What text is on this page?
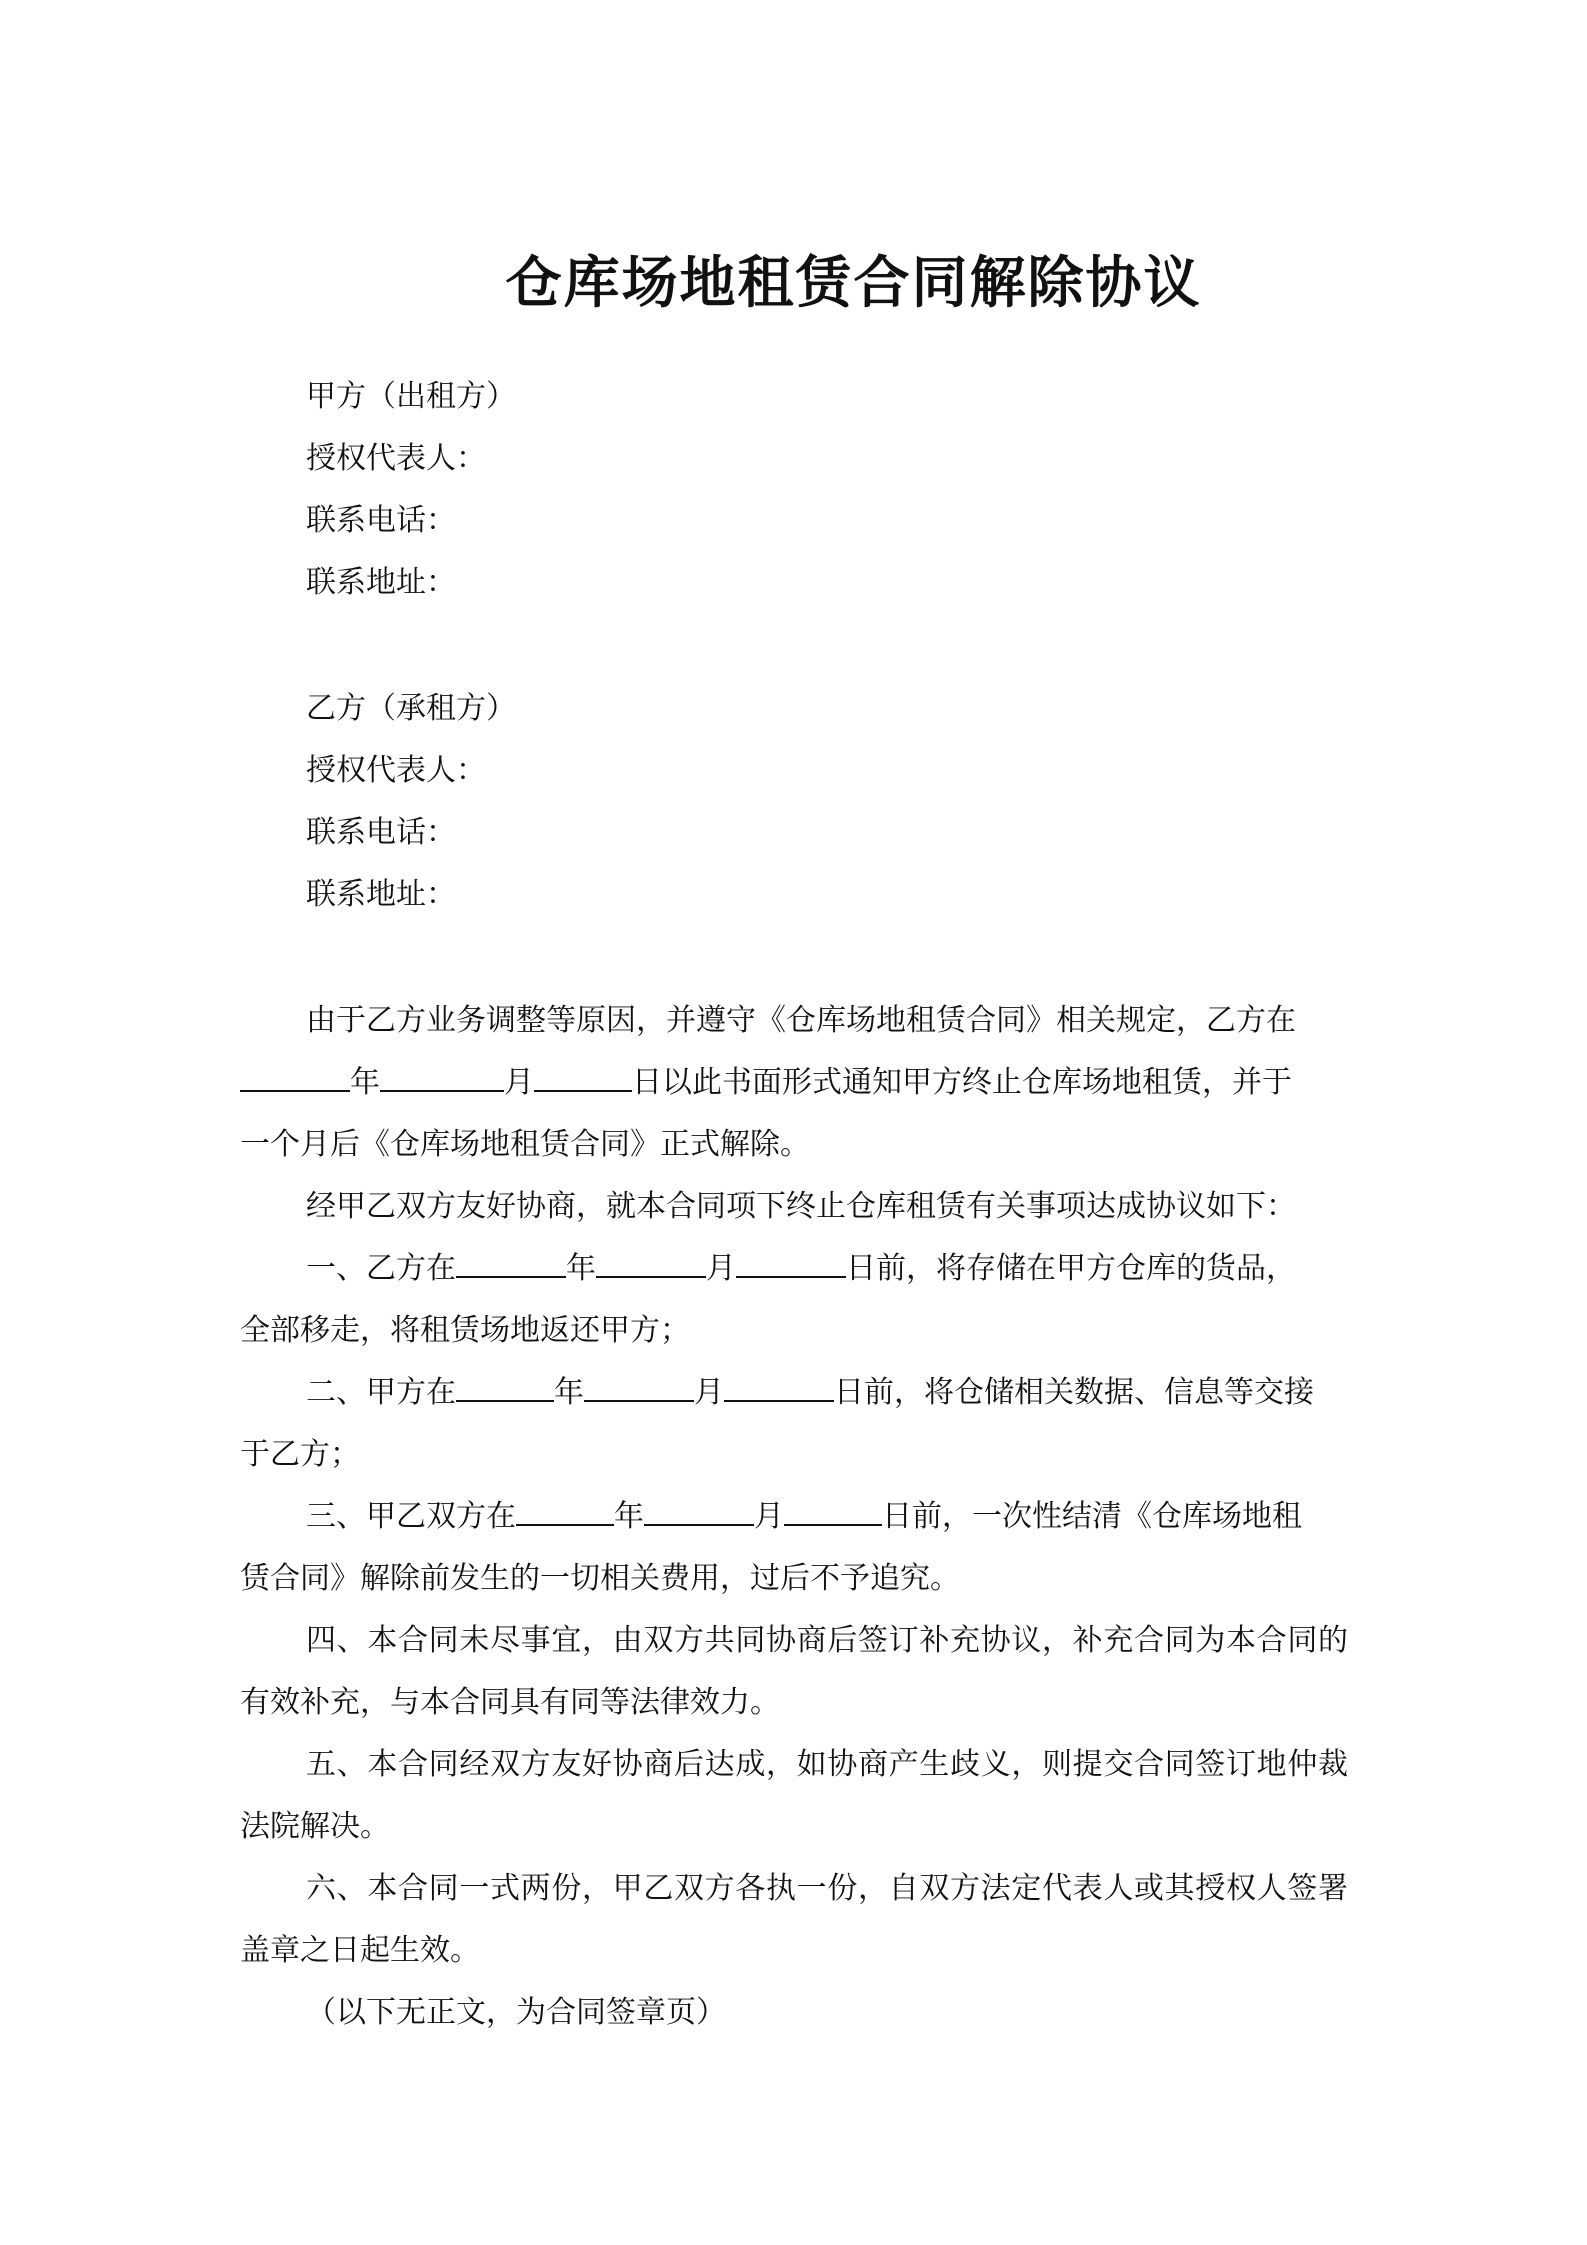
仓库场地租赁合同解除协议
甲方（出租方）
授权代表人：
联系电话：
联系地址：
乙方（承租方）
授权代表人：
联系电话：
联系地址：
由于乙方业务调整等原因，并遵守《仓库场地租赁合同》相关规定，乙方在
年	月	日以此书面形式通知甲方终止仓库场地租赁，并于
一个月后《仓库场地租赁合同》正式解除。
经甲乙双方友好协商，就本合同项下终止仓库租赁有关事项达成协议如下：
一、乙方在	年	月	日前，将存储在甲方仓库的货品，
全部移走，将租赁场地返还甲方；
二、甲方在	年	月	日前，将仓储相关数据、信息等交接
于乙方；
三、甲乙双方在	年	月	日前，一次性结清《仓库场地租
赁合同》解除前发生的一切相关费用，过后不予追究。
四、本合同未尽事宜，由双方共同协商后签订补充协议，补充合同为本合同的有效补充，与本合同具有同等法律效力。
五、本合同经双方友好协商后达成，如协商产生歧义，则提交合同签订地仲裁法院解决。
六、本合同一式两份，甲乙双方各执一份，自双方法定代表人或其授权人签署盖章之日起生效。
（以下无正文，为合同签章页）
